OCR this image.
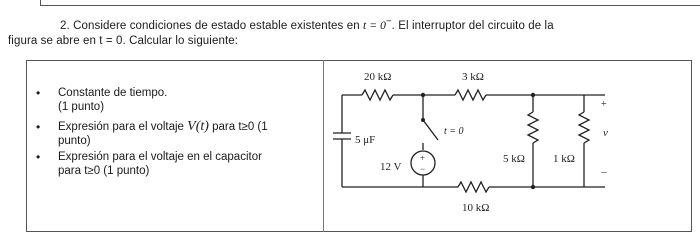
2. Considere condiciones de estado estable existentes en t = 0−. El interruptor del circuito de la
figura se abre en t = 0. Calcular lo siguiente:
• Constante de tiempo.
(1 punto)
• Expresión para el voltaje V(t) para t≥0 (1
punto)
• Expresión para el voltaje en el capacitor
para t≥0 (1 punto)
20 kΩ	3 kΩ
5 μF
t = 0
12 V
+
−
5 kΩ	1 kΩ
10 kΩ
+
v
−
